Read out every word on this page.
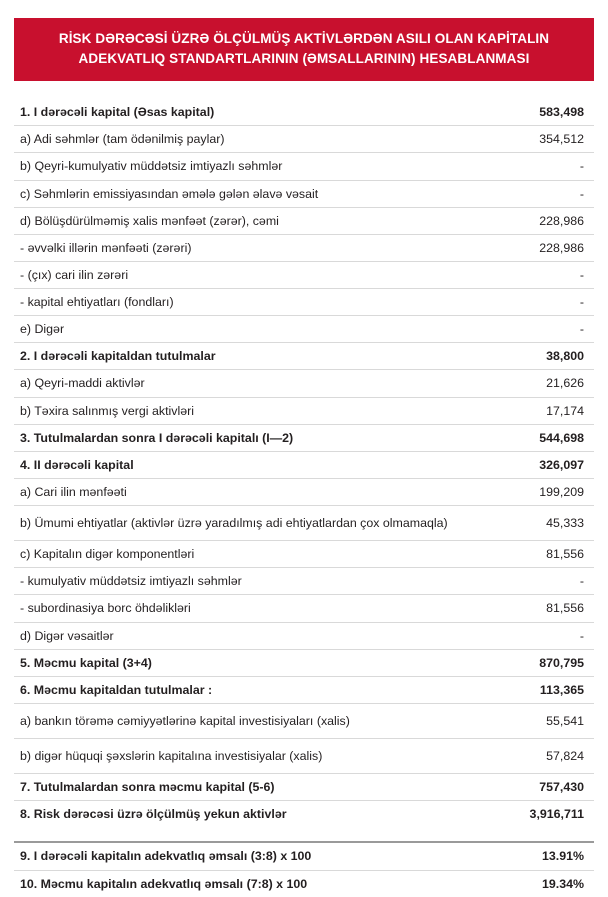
RİSK DƏRƏCƏSİ ÜZRƏ ÖLÇÜLMÜŞ AKTİVLƏRDƏN ASILI OLAN KAPİTALIN
ADEKVATLIQ STANDARTLARININ (ƏMSALLARININ) HESABLANMASI
1. I dərəcəli kapital (Əsas kapital)	583,498
a) Adi səhmlər (tam ödənilmiş paylar)	354,512
b) Qeyri-kumulyativ müddətsiz imtiyazlı səhmlər	-
c) Səhmlərin emissiyasından əmələ gələn əlavə vəsait	-
d) Bölüşdürülməmiş xalis mənfəət (zərər), cəmi	228,986
- əvvəlki illərin mənfəəti (zərəri)	228,986
- (çıx) cari ilin zərəri	-
- kapital ehtiyatları (fondları)	-
e) Digər	-
2. I dərəcəli kapitaldan tutulmalar	38,800
a) Qeyri-maddi aktivlər	21,626
b) Təxira salınmış vergi aktivləri	17,174
3. Tutulmalardan sonra I dərəcəli kapitalı (I—2)	544,698
4. II dərəcəli kapital	326,097
a) Cari ilin mənfəəti	199,209
b) Ümumi ehtiyatlar (aktivlər üzrə yaradılmış adi ehtiyatlardan çox olmamaqla)	45,333
c) Kapitalın digər komponentləri	81,556
- kumulyativ müddətsiz imtiyazlı səhmlər	-
- subordinasiya borc öhdəlikləri	81,556
d) Digər vəsaitlər	-
5. Məcmu kapital (3+4)	870,795
6. Məcmu kapitaldan tutulmalar :	113,365
a) bankın törəmə cəmiyyətlərinə kapital investisiyaları (xalis)	55,541
b) digər hüquqi şəxslərin kapitalına investisiyalar (xalis)	57,824
7. Tutulmalardan sonra məcmu kapital (5-6)	757,430
8. Risk dərəcəsi üzrə ölçülmüş yekun aktivlər	3,916,711
9. I dərəcəli kapitalın adekvatlıq əmsalı (3:8) x 100	13.91%
10. Məcmu kapitalın adekvatlıq əmsalı (7:8) x 100	19.34%
